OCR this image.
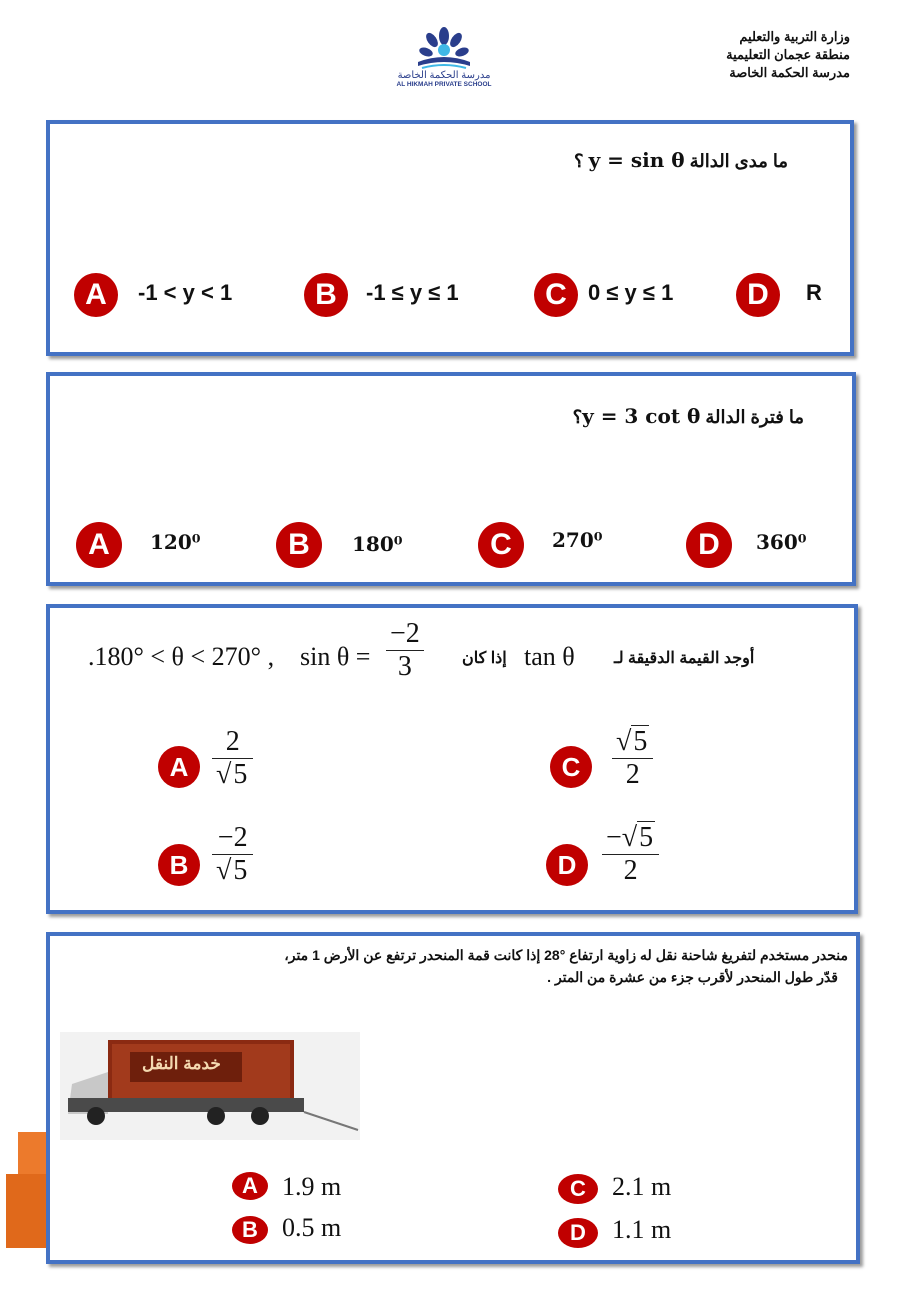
وزارة التربية والتعليم
منطقة عجمان التعليمية
مدرسة الحكمة الخاصة
مدرسة الحكمة الخاصة
AL HIKMAH PRIVATE SCHOOL
ما مدى الدالة y = sin θ ؟
A	-1 < y < 1	B	-1 ≤ y ≤ 1	C 0 ≤ y ≤ 1	D	R
ما فترة الدالة y = 3 cot θ؟
A	120⁰	B	180⁰	C	270⁰	D	360⁰
.180° < θ < 270° , $\sin \theta = \frac{-2}{3}$ إذا كان tan θ أوجد القيمة الدقيقة لـ
A $\frac{2}{√5}$
B $\frac{-2}{√5}$
C	$\frac{√5}{2}$
D $\frac{-√5}{2}$
منحدر مستخدم لتفريغ شاحنة نقل له زاوية ارتفاع °28 إذا كانت قمة المنحدر ترتفع عن الأرض 1 متر،
قدّر طول المنحدر لأقرب جزء من عشرة من المتر .
خدمة النقل
A 1.9 m
B 0.5 m
C	2.1 m
D	1.1 m
